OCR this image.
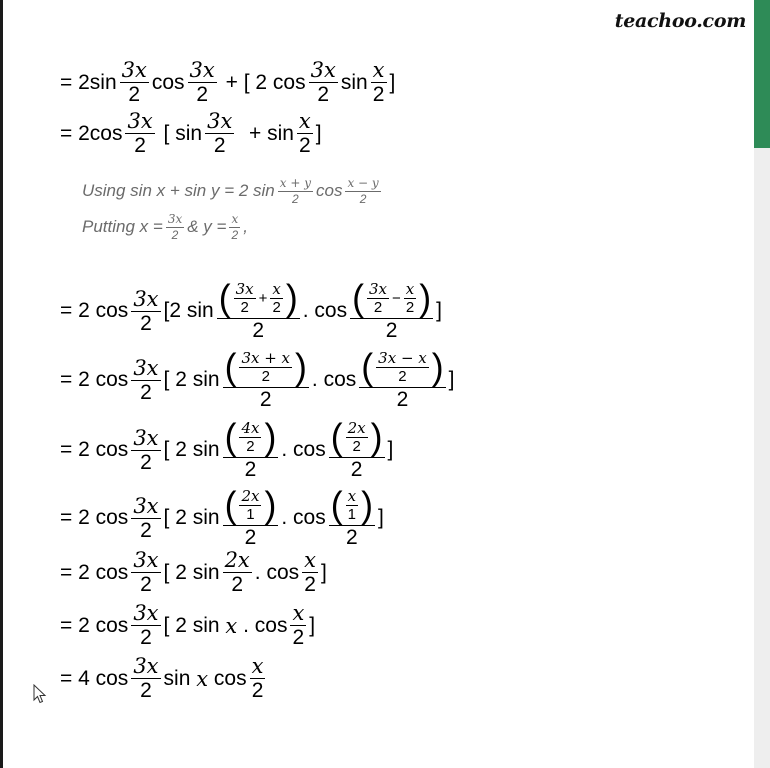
teachoo.com
=
$2\sin \frac{3x}{2}$ $\cos \frac{3x}{2}$
+ [
2 $\cos \frac{3x}{2}$ $\sin \frac{x}{2}$ ]
=
$2\cos \frac{3x}{2}$
[
$\sin \frac{3x}{2}$
+ $\sin \frac{x}{2}$ ]
Using sin x + sin y = 2 $\sin \frac{x + y}{2}$ $\cos \frac{x - y}{2}$
Putting $x = \frac{3x}{2}$ & $y = \frac{x}{2}$ ,
=
2 $\cos \frac{3x}{2} [2$ $\sin \frac{( \frac{3x}{2} + \frac{x}{2} )}{2}$ . $\cos \frac{( \frac{3x}{2} - \frac{x}{2} )}{2}$ ]
=
2 $\cos \frac{3x}{2}$ [ 2 $\sin \frac{( \frac{3x + x}{2} )}{2}$ . $\cos \frac{( \frac{3x - x}{2} )}{2}$ ]
=
2 $\cos \frac{3x}{2}$ [ 2 $\sin \frac{( \frac{4x}{2} )}{2}$ . $\cos \frac{( \frac{2x}{2} )}{2}$ ]
=
2 $\cos \frac{3x}{2}$ [ 2 $\sin \frac{( \frac{2x}{1} )}{2}$ . $\cos \frac{( \frac{x}{1} )}{2}$ ]
=
2 $\cos \frac{3x}{2}$ [ 2 $\sin \frac{2x}{2}$ . $\cos \frac{x}{2}$ ]
=
2 $\cos \frac{3x}{2}$ [ 2 sin
x
. $\cos \frac{x}{2}$ ]
=
4 $\cos \frac{3x}{2}$ sin
x
$\cos \frac{x}{2}$
